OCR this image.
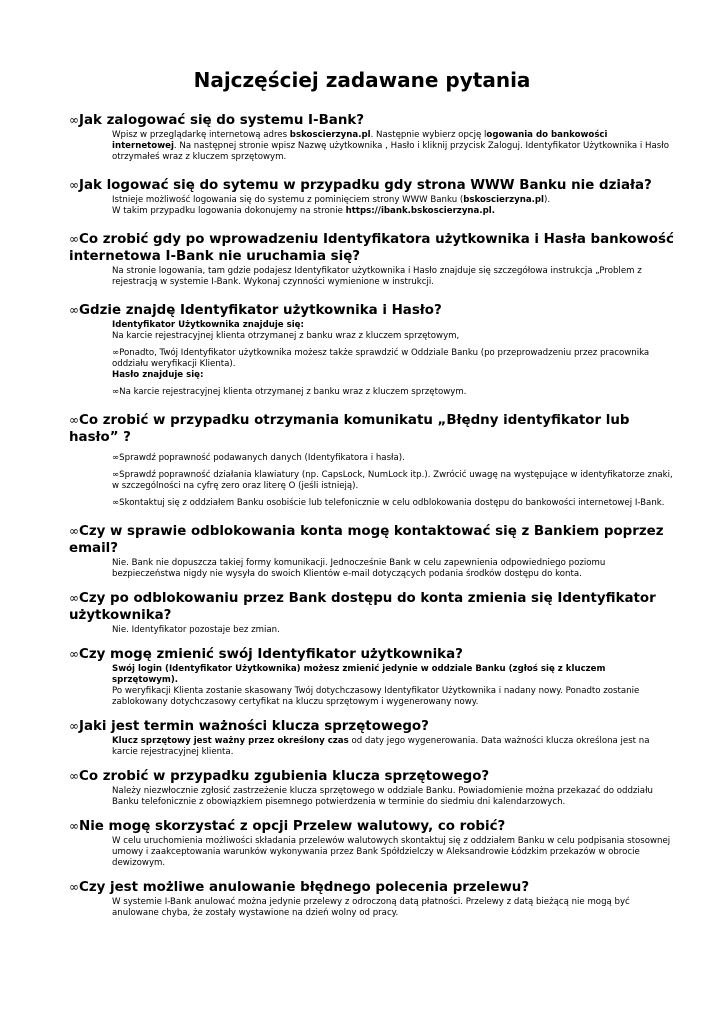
Najczęściej zadawane pytania

∞Jak zalogować się do systemu I-Bank?

Wpisz w przeglądarkę internetową adres bskoscierzyna.pl. Następnie wybierz opcję logowania do bankowości internetowej. Na następnej stronie wpisz Nazwę użytkownika , Hasło i kliknij przycisk Zaloguj. Identyfikator Użytkownika i Hasło otrzymałeś wraz z kluczem sprzętowym.

∞Jak logować się do sytemu w przypadku gdy strona WWW Banku nie działa?

Istnieje możliwość logowania się do systemu z pominięciem strony WWW Banku (bskoscierzyna.pl).

W takim przypadku logowania dokonujemy na stronie https://ibank.bskoscierzyna.pl.

∞Co zrobić gdy po wprowadzeniu Identyfikatora użytkownika i Hasła bankowość internetowa I-Bank nie uruchamia się?

Na stronie logowania, tam gdzie podajesz Identyfikator użytkownika i Hasło znajduje się szczegółowa instrukcja „Problem z rejestracją w systemie I-Bank. Wykonaj czynności wymienione w instrukcji.

∞Gdzie znajdę Identyfikator użytkownika i Hasło?

Identyfikator Użytkownika znajduje się:

Na karcie rejestracyjnej klienta otrzymanej z banku wraz z kluczem sprzętowym,

∞Ponadto, Twój Identyfikator użytkownika możesz także sprawdzić w Oddziale Banku (po przeprowadzeniu przez pracownika oddziału weryfikacji Klienta).

Hasło znajduje się:

∞Na karcie rejestracyjnej klienta otrzymanej z banku wraz z kluczem sprzętowym.

∞Co zrobić w przypadku otrzymania komunikatu „Błędny identyfikator lub hasło” ?

∞Sprawdź poprawność podawanych danych (Identyfikatora i hasła).

∞Sprawdź poprawność działania klawiatury (np. CapsLock, NumLock itp.). Zwrócić uwagę na występujące w identyfikatorze znaki, w szczególności na cyfrę zero oraz literę O (jeśli istnieją).

∞Skontaktuj się z oddziałem Banku osobiście lub telefonicznie w celu odblokowania dostępu do bankowości internetowej I-Bank.

∞Czy w sprawie odblokowania konta mogę kontaktować się z Bankiem poprzez email?

Nie. Bank nie dopuszcza takiej formy komunikacji. Jednocześnie Bank w celu zapewnienia odpowiedniego poziomu bezpieczeństwa nigdy nie wysyła do swoich Klientów e-mail dotyczących podania środków dostępu do konta.

∞Czy po odblokowaniu przez Bank dostępu do konta zmienia się Identyfikator użytkownika?

Nie. Identyfikator pozostaje bez zmian.

∞Czy mogę zmienić swój Identyfikator użytkownika?

Swój login (Identyfikator Użytkownika) możesz zmienić jedynie w oddziale Banku (zgłoś się z kluczem sprzętowym).

Po weryfikacji Klienta zostanie skasowany Twój dotychczasowy Identyfikator Użytkownika i nadany nowy. Ponadto zostanie zablokowany dotychczasowy certyfikat na kluczu sprzętowym i wygenerowany nowy.

∞Jaki jest termin ważności klucza sprzętowego?

Klucz sprzętowy jest ważny przez określony czas od daty jego wygenerowania. Data ważności klucza określona jest na karcie rejestracyjnej klienta.

∞Co zrobić w przypadku zgubienia klucza sprzętowego?

Należy niezwłocznie zgłosić zastrzeżenie klucza sprzętowego w oddziale Banku. Powiadomienie można przekazać do oddziału Banku telefonicznie z obowiązkiem pisemnego potwierdzenia w terminie do siedmiu dni kalendarzowych.

∞Nie mogę skorzystać z opcji Przelew walutowy, co robić?

W celu uruchomienia możliwości składania przelewów walutowych skontaktuj się z oddziałem Banku w celu podpisania stosownej umowy i zaakceptowania warunków wykonywania przez Bank Spółdzielczy w Aleksandrowie Łódzkim przekazów w obrocie dewizowym.

∞Czy jest możliwe anulowanie błędnego polecenia przelewu?

W systemie I-Bank anulować można jedynie przelewy z odroczoną datą płatności. Przelewy z datą bieżącą nie mogą być anulowane chyba, że zostały wystawione na dzień wolny od pracy.
